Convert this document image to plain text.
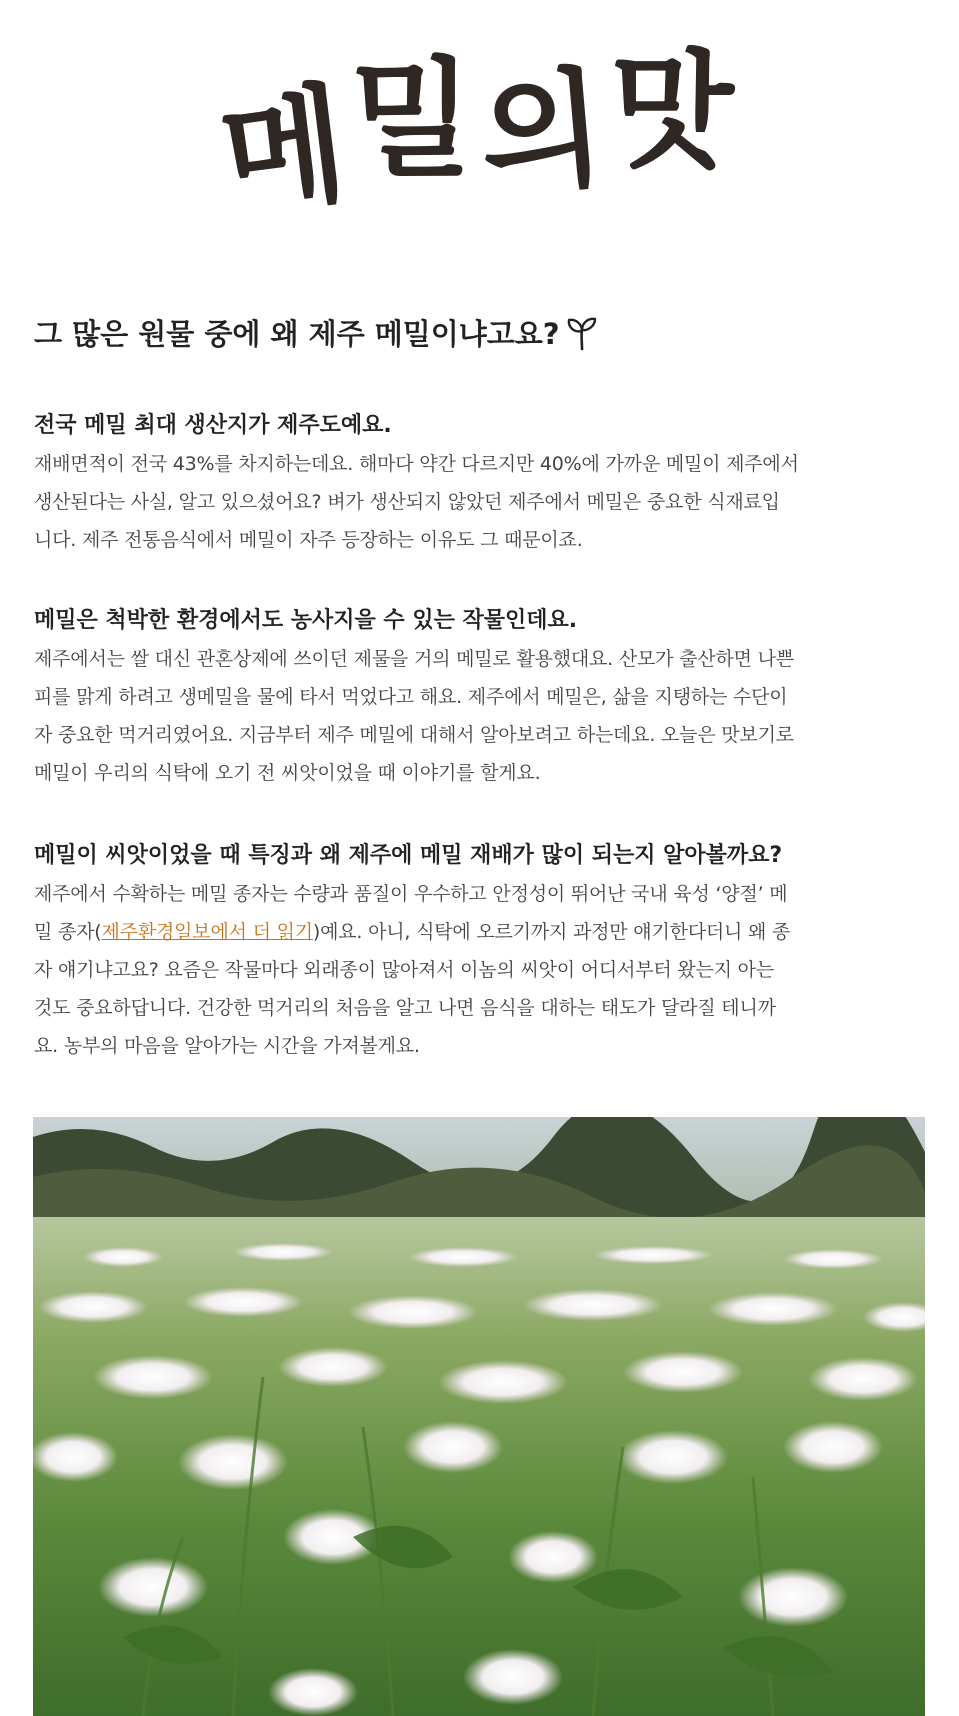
메
밀
의
맛
그 많은 원물 중에 왜 제주 메밀이냐고요?

전국 메밀 최대 생산지가 제주도예요.

재배면적이 전국 43%를 차지하는데요. 해마다 약간 다르지만 40%에 가까운 메밀이 제주에서
생산된다는 사실, 알고 있으셨어요? 벼가 생산되지 않았던 제주에서 메밀은 중요한 식재료입
니다. 제주 전통음식에서 메밀이 자주 등장하는 이유도 그 때문이죠.

메밀은 척박한 환경에서도 농사지을 수 있는 작물인데요.

제주에서는 쌀 대신 관혼상제에 쓰이던 제물을 거의 메밀로 활용했대요. 산모가 출산하면 나쁜
피를 맑게 하려고 생메밀을 물에 타서 먹었다고 해요. 제주에서 메밀은, 삶을 지탱하는 수단이
자 중요한 먹거리였어요. 지금부터 제주 메밀에 대해서 알아보려고 하는데요. 오늘은 맛보기로
메밀이 우리의 식탁에 오기 전 씨앗이었을 때 이야기를 할게요.

메밀이 씨앗이었을 때 특징과 왜 제주에 메밀 재배가 많이 되는지 알아볼까요?

제주에서 수확하는 메밀 종자는 수량과 품질이 우수하고 안정성이 뛰어난 국내 육성 ‘양절’ 메
밀 종자(제주환경일보에서 더 읽기)예요. 아니, 식탁에 오르기까지 과정만 얘기한다더니 왜 종
자 얘기냐고요? 요즘은 작물마다 외래종이 많아져서 이놈의 씨앗이 어디서부터 왔는지 아는
것도 중요하답니다. 건강한 먹거리의 처음을 알고 나면 음식을 대하는 태도가 달라질 테니까
요. 농부의 마음을 알아가는 시간을 가져볼게요.
